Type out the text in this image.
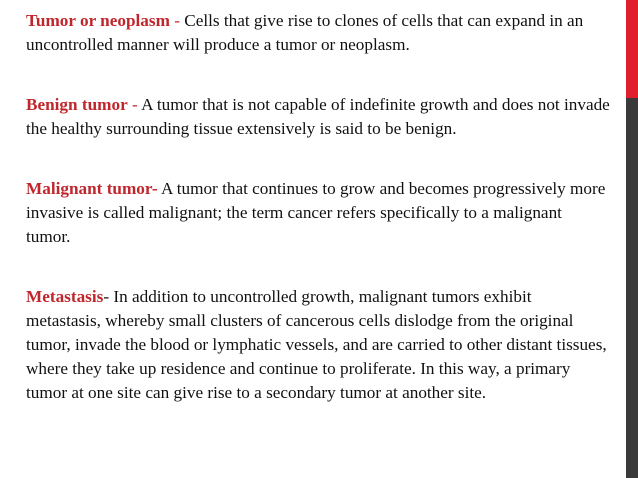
Tumor or neoplasm - Cells that give rise to clones of cells that can expand in an uncontrolled manner will produce a tumor or neoplasm.

Benign tumor - A tumor that is not capable of indefinite growth and does not invade the healthy surrounding tissue extensively is said to be benign.

Malignant tumor- A tumor that continues to grow and becomes progressively more invasive is called malignant; the term cancer refers specifically to a malignant tumor.

Metastasis- In addition to uncontrolled growth, malignant tumors exhibit metastasis, whereby small clusters of cancerous cells dislodge from the original tumor, invade the blood or lymphatic vessels, and are carried to other distant tissues, where they take up residence and continue to proliferate. In this way, a primary tumor at one site can give rise to a secondary tumor at another site.
